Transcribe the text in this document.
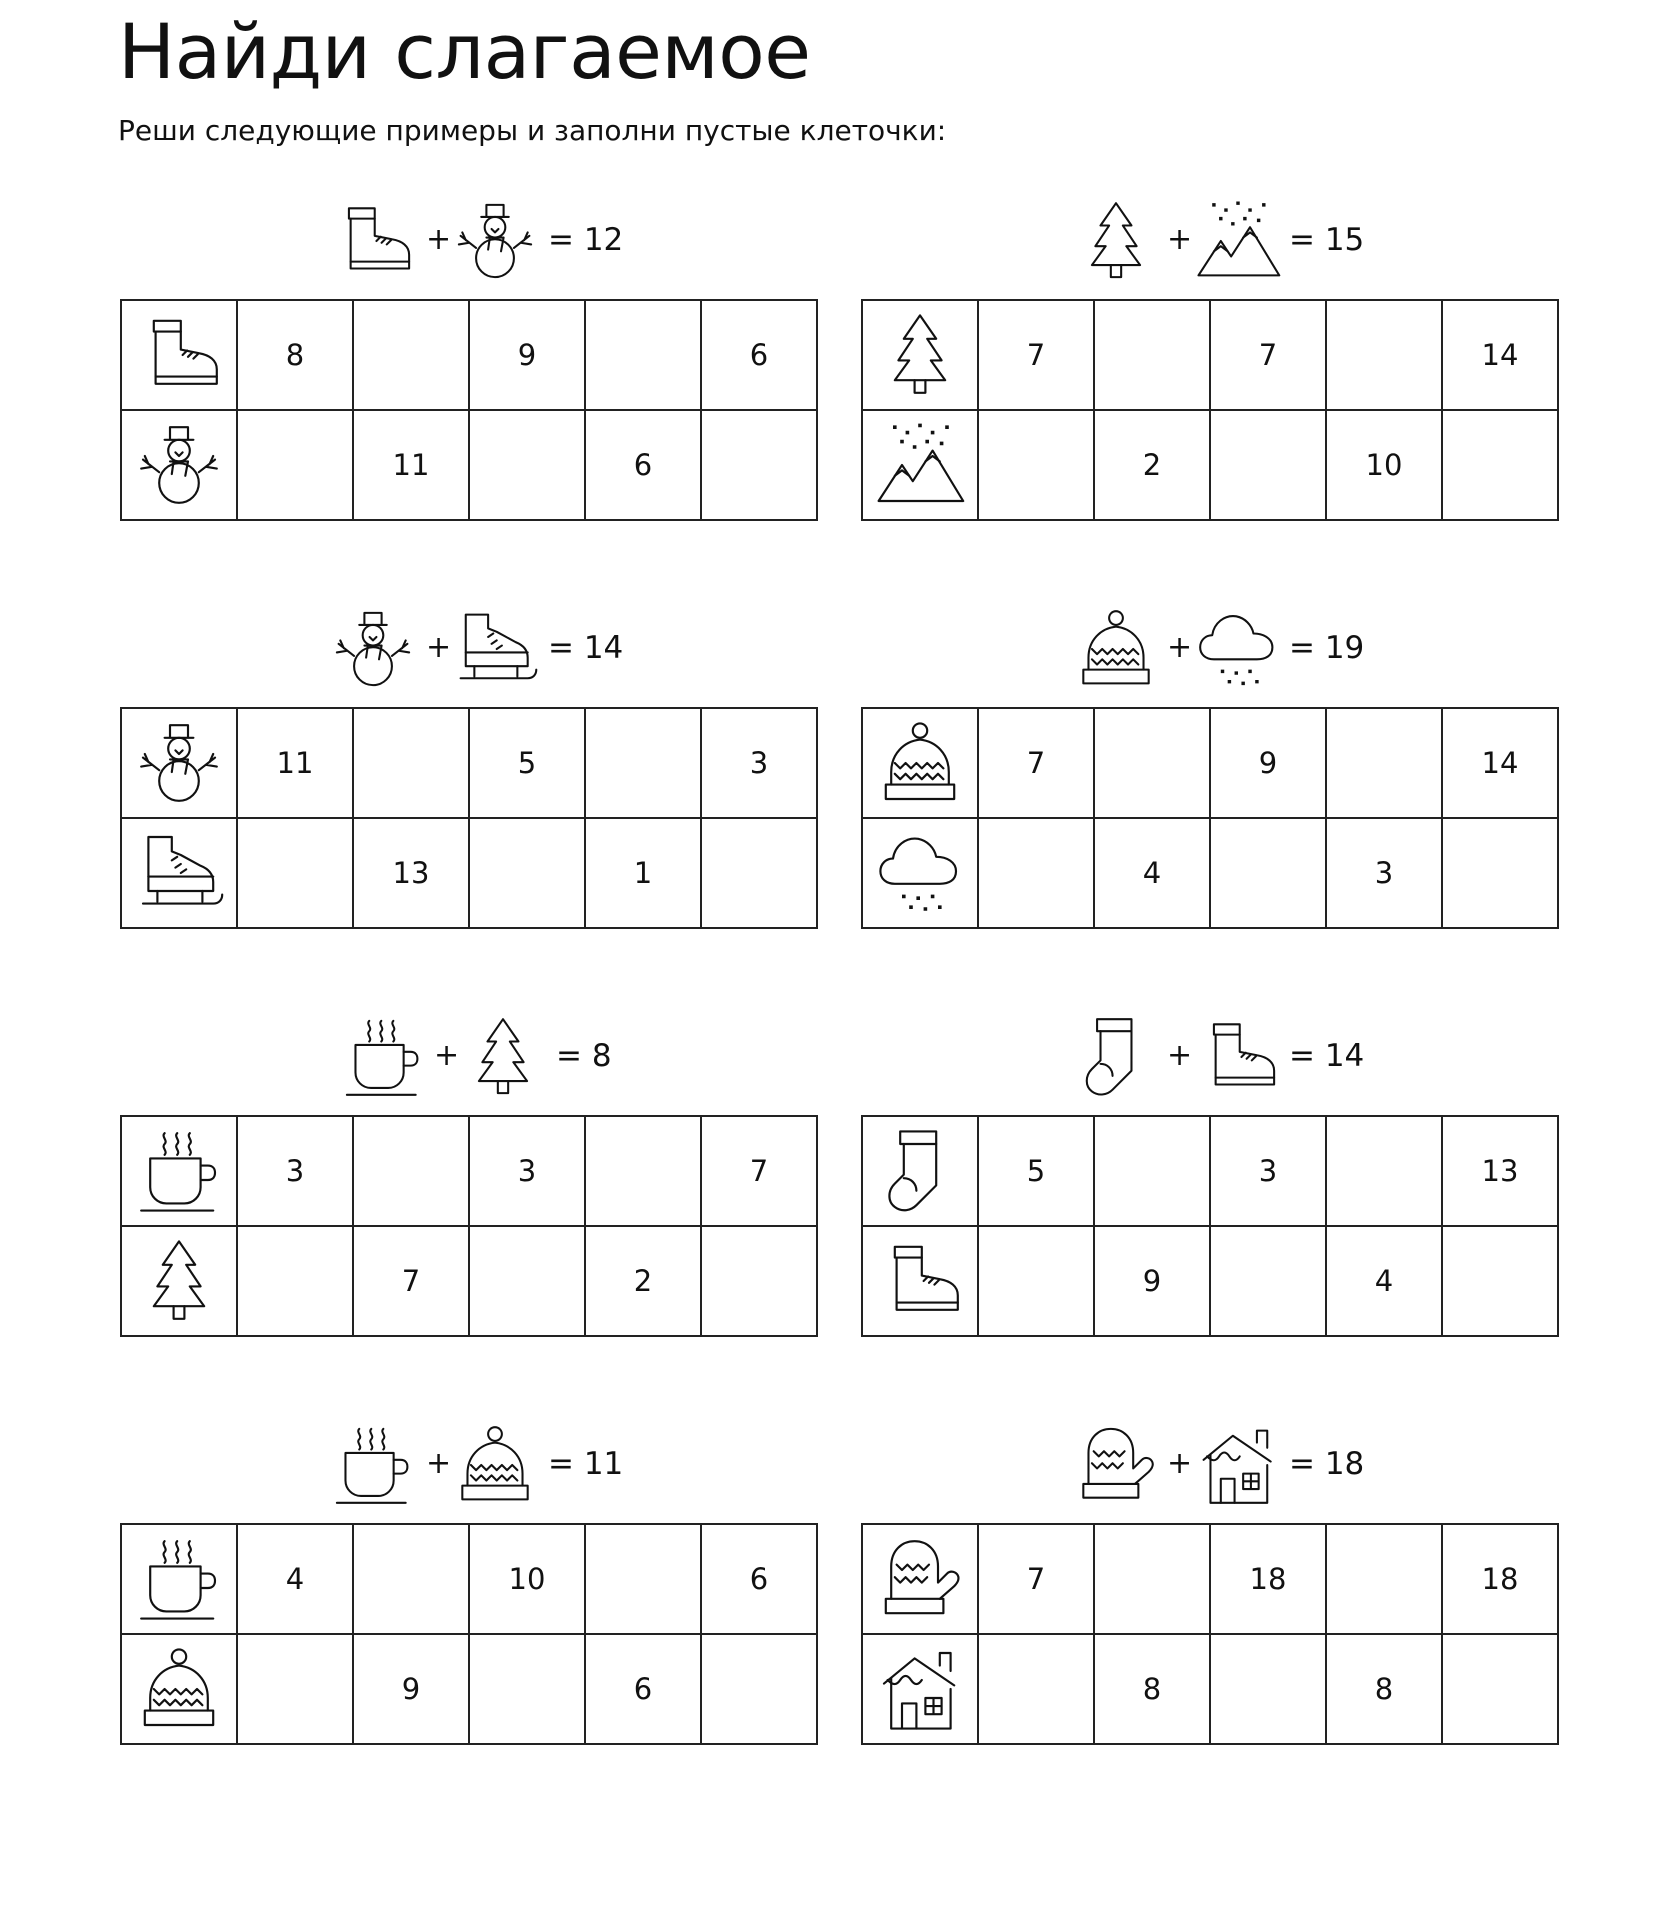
Найди слагаемое
Реши следующие примеры и заполни пустые клеточки:
+	= 12
	8		9		6

		11		6	
+	= 15
	7		7		14

		2		10	
+	= 14
	11		5		3

		13		1	
+	= 19
	7		9		14

		4		3	
+	= 8
	3		3		7

		7		2	
+	= 14
	5		3		13

		9		4	
+	= 11
	4		10		6

		9		6	
+	= 18
	7		18		18

		8		8	
